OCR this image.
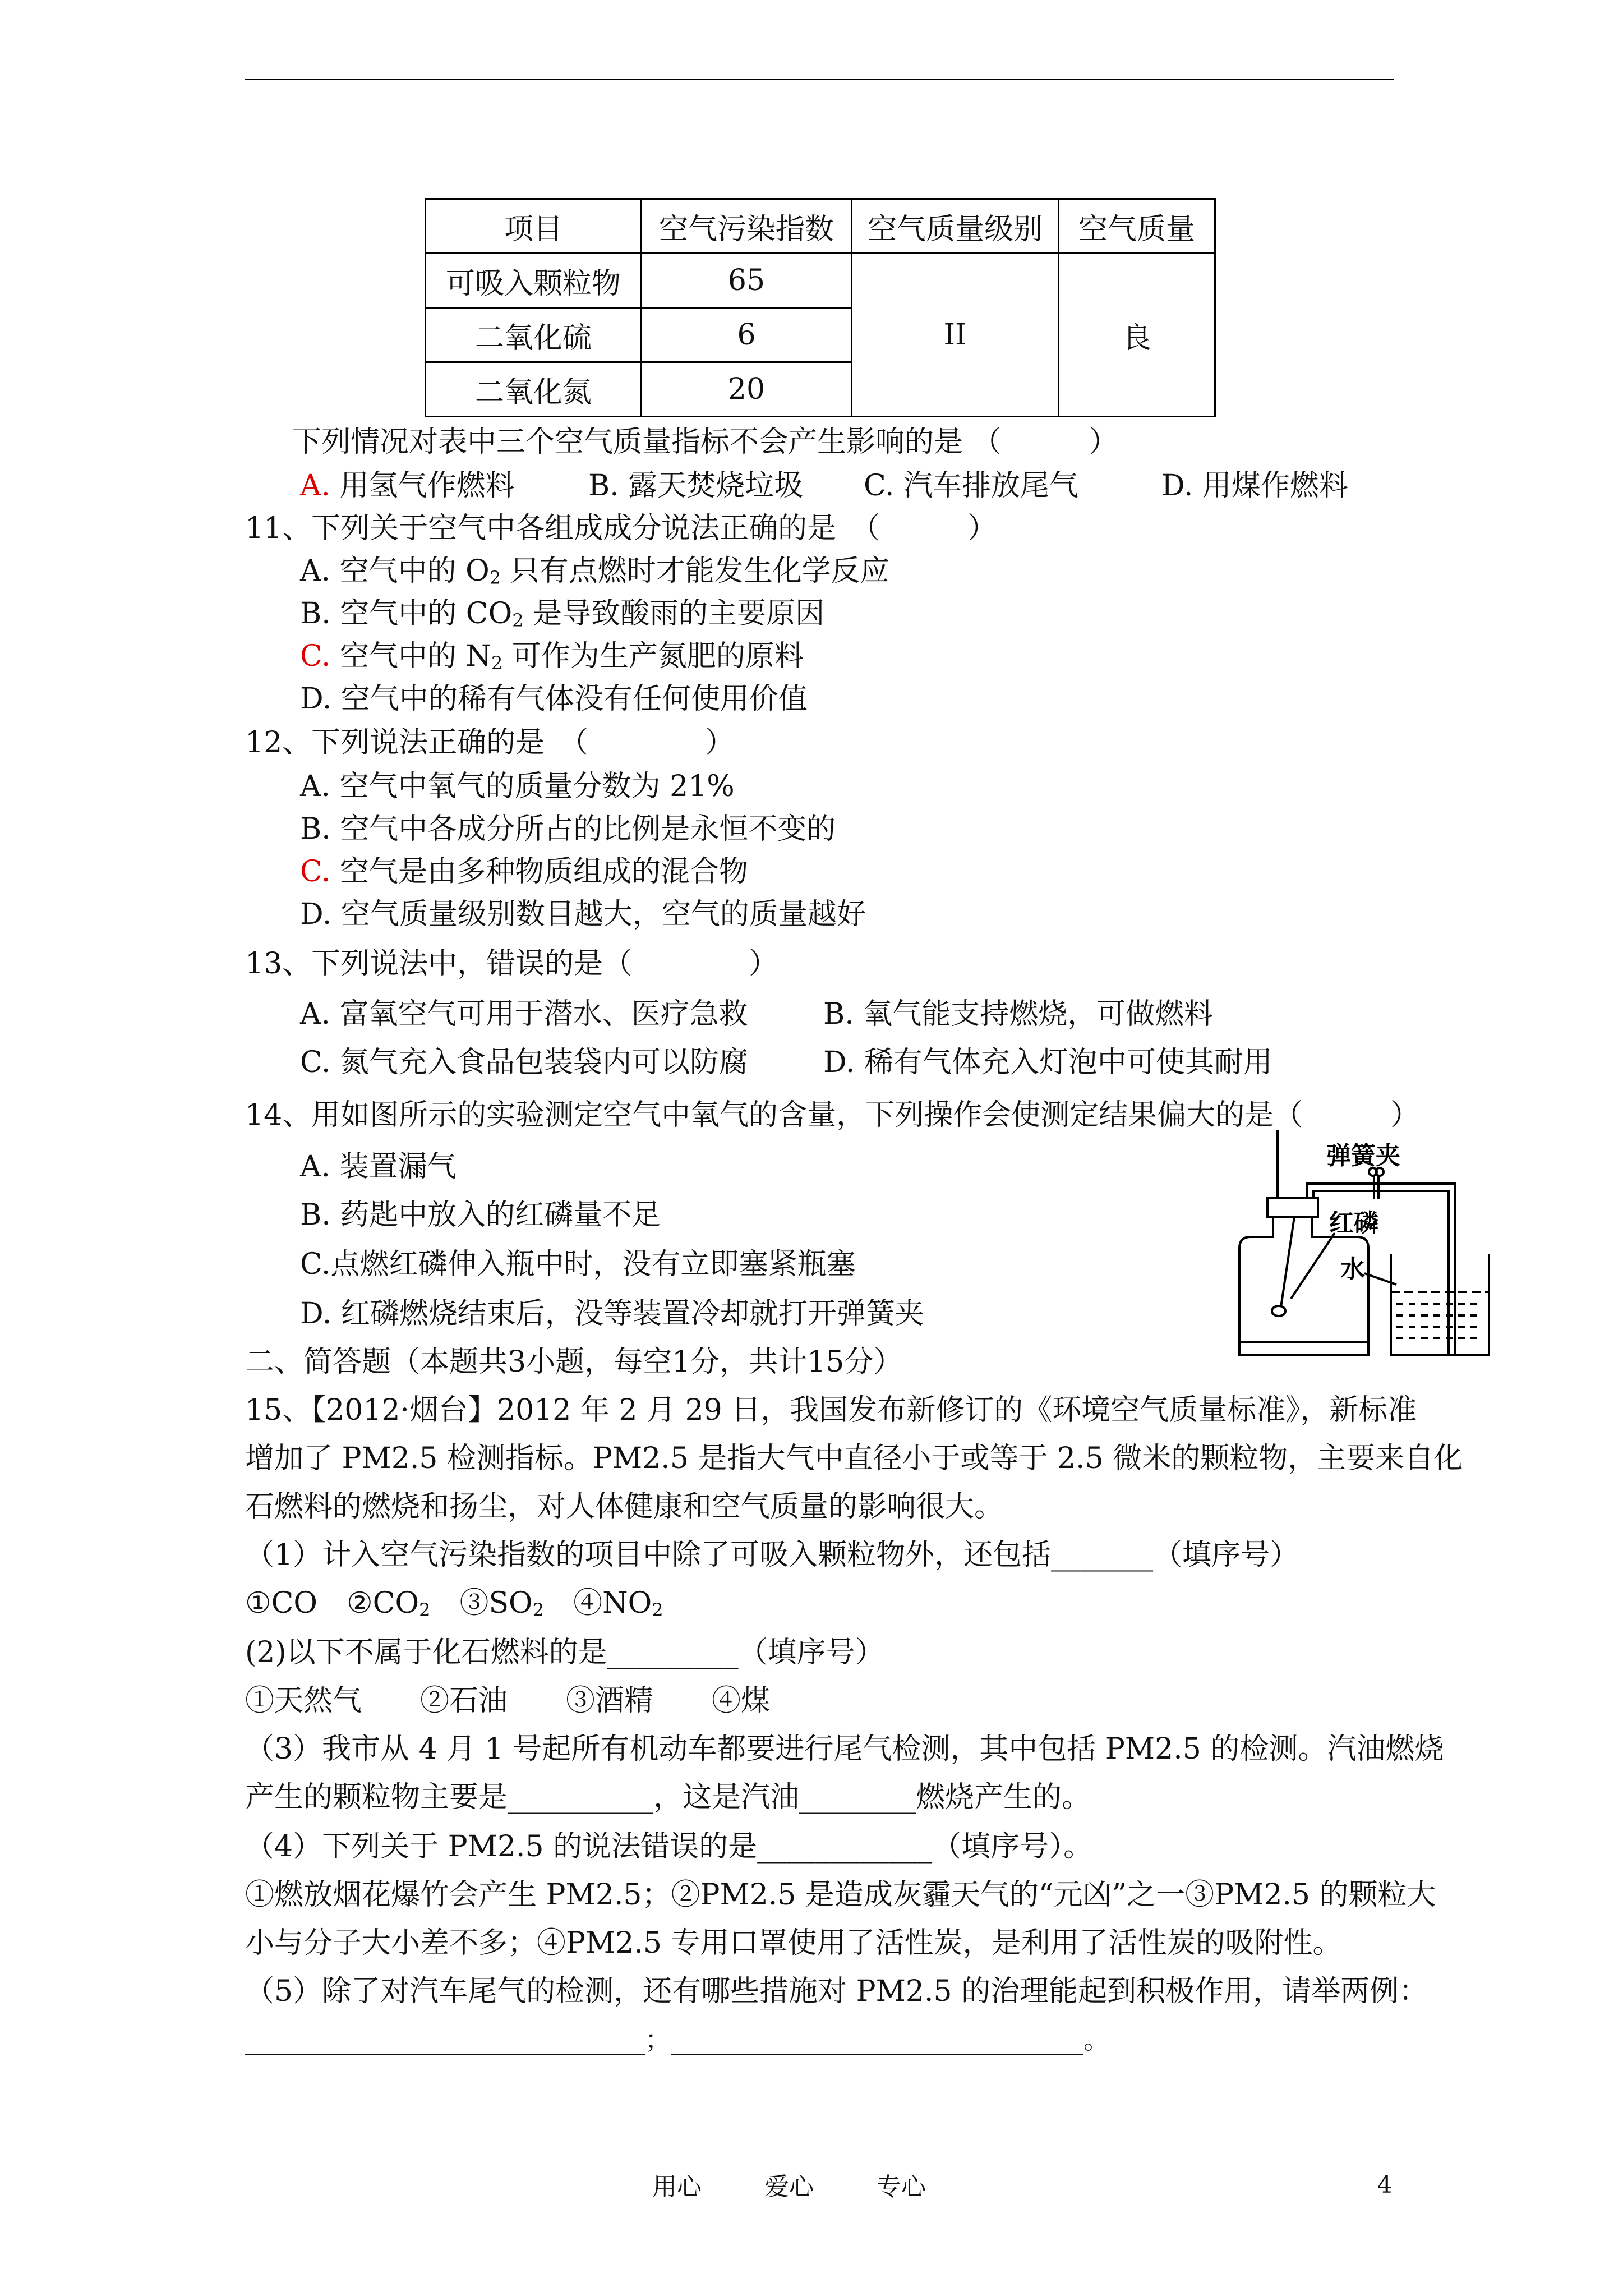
项目	空气污染指数	空气质量级别	空气质量
可吸入颗粒物	65	II	良
二氧化硫	6		
二氧化氮	20		
下列情况对表中三个空气质量指标不会产生影响的是 （　　　）
A. 用氢气作燃料	B. 露天焚烧垃圾 C. 汽车排放尾气	D. 用煤作燃料
11、下列关于空气中各组成成分说法正确的是　（　　　）
A. 空气中的 $O_2$ 只有点燃时才能发生化学反应
B. 空气中的 $CO_2$ 是导致酸雨的主要原因
C. 空气中的 $N_2$ 可作为生产氮肥的原料
D. 空气中的稀有气体没有任何使用价值
12、下列说法正确的是　（　　　　）
A. 空气中氧气的质量分数为 21%
B. 空气中各成分所占的比例是永恒不变的
C. 空气是由多种物质组成的混合物
D. 空气质量级别数目越大，空气的质量越好
13、下列说法中，错误的是（　　　　）
A. 富氧空气可用于潜水、医疗急救	B. 氧气能支持燃烧，可做燃料
C. 氮气充入食品包装袋内可以防腐	D. 稀有气体充入灯泡中可使其耐用
14、用如图所示的实验测定空气中氧气的含量，下列操作会使测定结果偏大的是（　　　）
A. 装置漏气
B. 药匙中放入的红磷量不足
C.点燃红磷伸入瓶中时，没有立即塞紧瓶塞
D. 红磷燃烧结束后，没等装置冷却就打开弹簧夹
弹簧夹
红磷
水
二、简答题（本题共3小题，每空1分，共计15分）
15、【2012·烟台】2012 年 2 月 29 日，我国发布新修订的《环境空气质量标准》，新标准
增加了 PM2.5 检测指标。PM2.5 是指大气中直径小于或等于 2.5 微米的颗粒物，主要来自化
石燃料的燃烧和扬尘，对人体健康和空气质量的影响很大。
（1）计入空气污染指数的项目中除了可吸入颗粒物外，还包括_______（填序号）
①CO　$②CO_2$　$③SO_2$　$④NO_2$
(2)以下不属于化石燃料的是_________（填序号）
①天然气　　②石油　　③酒精　　④煤
（3）我市从 4 月 1 号起所有机动车都要进行尾气检测，其中包括 PM2.5 的检测。汽油燃烧
产生的颗粒物主要是__________，这是汽油________燃烧产生的。
（4）下列关于 PM2.5 的说法错误的是____________（填序号）。
①燃放烟花爆竹会产生 PM2.5；②PM2.5 是造成灰霾天气的“元凶”之一③PM2.5 的颗粒大
小与分子大小差不多；④PM2.5 专用口罩使用了活性炭，是利用了活性炭的吸附性。
（5）除了对汽车尾气的检测，还有哪些措施对 PM2.5 的治理能起到积极作用，请举两例：
_______________________________；________________________________。
用心	爱心	专心	4
